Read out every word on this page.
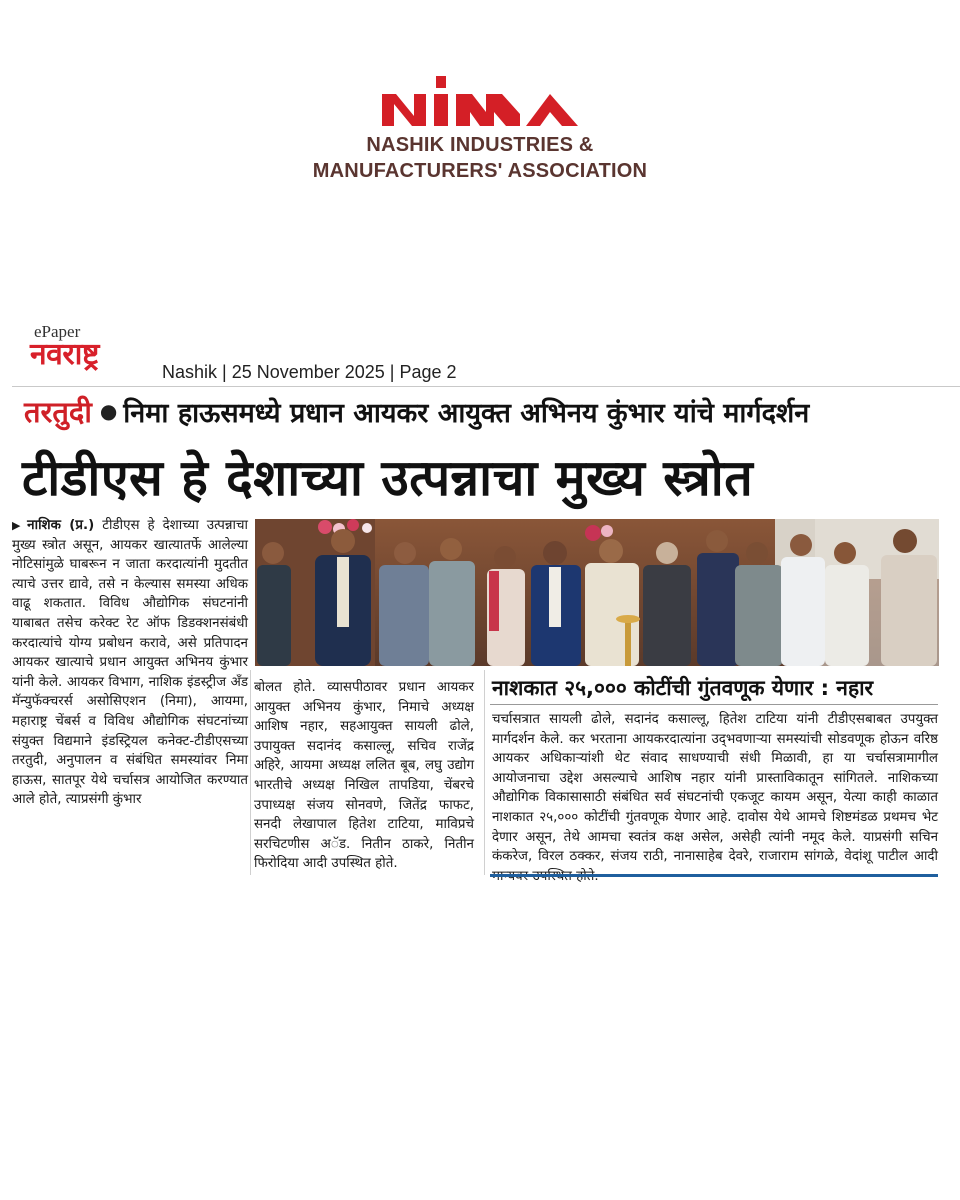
NASHIK INDUSTRIES &
MANUFACTURERS' ASSOCIATION
ePaper
नवराष्ट्र	Nashik | 25 November 2025 | Page 2
तरतुदी ● निमा हाऊसमध्ये प्रधान आयकर आयुक्त अभिनय कुंभार यांचे मार्गदर्शन
टीडीएस हे देशाच्या उत्पन्नाचा मुख्य स्त्रोत
▶ नाशिक (प्र.) टीडीएस हे देशाच्या उत्पन्नाचा मुख्य स्त्रोत असून, आयकर खात्यातर्फे आलेल्या नोटिसांमुळे घाबरून न जाता करदात्यांनी मुदतीत त्याचे उत्तर द्यावे, तसे न केल्यास समस्या अधिक वाढू शकतात. विविध औद्योगिक संघटनांनी याबाबत तसेच करेक्ट रेट ऑफ डिडक्शनसंबंधी करदात्यांचे योग्य प्रबोधन करावे, असे प्रतिपादन आयकर खात्याचे प्रधान आयुक्त अभिनय कुंभार यांनी केले. आयकर विभाग, नाशिक इंडस्ट्रीज अँड मॅन्युफॅक्चरर्स असोसिएशन (निमा), आयमा, महाराष्ट्र चेंबर्स व विविध औद्योगिक संघटनांच्या संयुक्त विद्यमाने इंडस्ट्रियल कनेक्ट-टीडीएसच्या तरतुदी, अनुपालन व संबंधित समस्यांवर निमा हाऊस, सातपूर येथे चर्चासत्र आयोजित करण्यात आले होते, त्याप्रसंगी कुंभार
बोलत होते. व्यासपीठावर प्रधान आयकर आयुक्त अभिनय कुंभार, निमाचे अध्यक्ष आशिष नहार, सहआयुक्त सायली ढोले, उपायुक्त सदानंद कसाल्लू, सचिव राजेंद्र अहिरे, आयमा अध्यक्ष ललित बूब, लघु उद्योग भारतीचे अध्यक्ष निखिल तापडिया, चेंबरचे उपाध्यक्ष संजय सोनवणे, जितेंद्र फाफट, सनदी लेखापाल हितेश टाटिया, माविप्रचे सरचिटणीस अॅड. नितीन ठाकरे, नितीन फिरोदिया आदी उपस्थित होते.
नाशकात २५,००० कोटींची गुंतवणूक येणार : नहार
चर्चासत्रात सायली ढोले, सदानंद कसाल्लू, हितेश टाटिया यांनी टीडीएसबाबत उपयुक्त मार्गदर्शन केले. कर भरताना आयकरदात्यांना उद्‌भवणाऱ्या समस्यांची सोडवणूक होऊन वरिष्ठ आयकर अधिकाऱ्यांशी थेट संवाद साधण्याची संधी मिळावी, हा या चर्चासत्रामागील आयोजनाचा उद्देश असल्याचे आशिष नहार यांनी प्रास्ताविकातून सांगितले. नाशिकच्या औद्योगिक विकासासाठी संबंधित सर्व संघटनांची एकजूट कायम असून, येत्या काही काळात नाशकात २५,००० कोटींची गुंतवणूक येणार आहे. दावोस येथे आमचे शिष्टमंडळ प्रथमच भेट देणार असून, तेथे आमचा स्वतंत्र कक्ष असेल, असेही त्यांनी नमूद केले. याप्रसंगी सचिन कंकरेज, विरल ठक्कर, संजय राठी, नानासाहेब देवरे, राजाराम सांगळे, वेदांशू पाटील आदी
